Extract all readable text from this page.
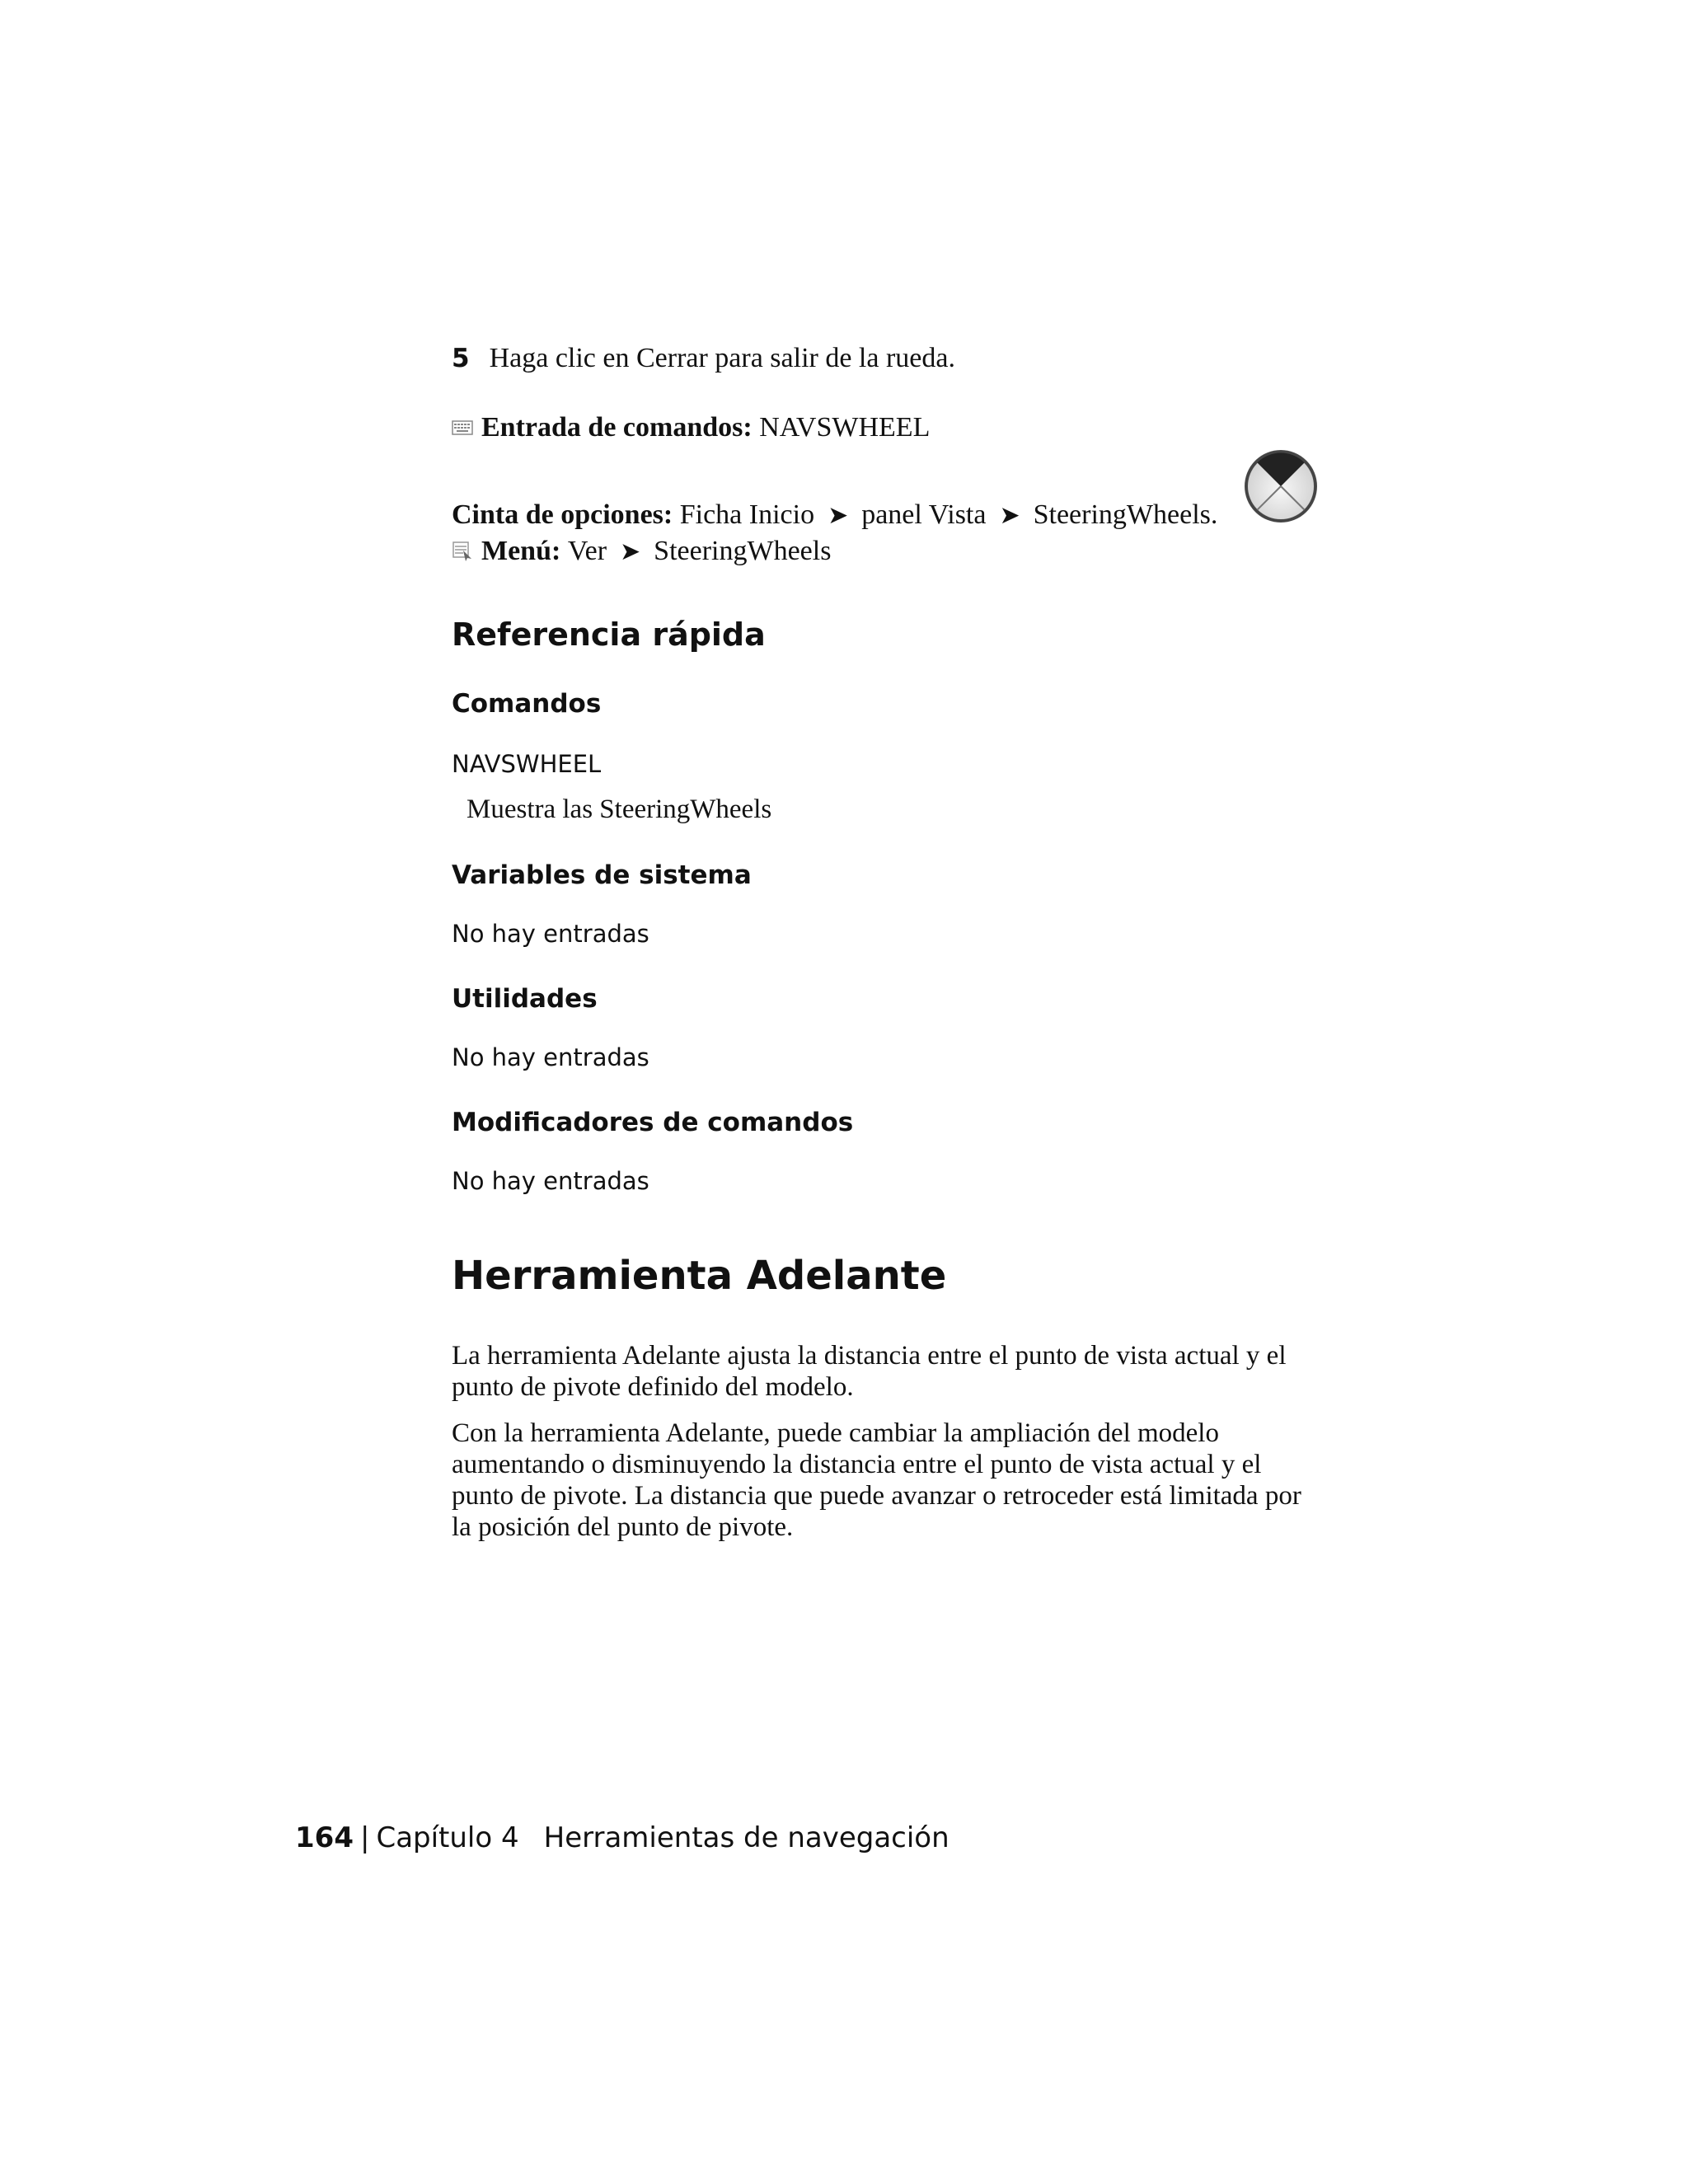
5 Haga clic en Cerrar para salir de la rueda.
Entrada de comandos:
NAVSWHEEL
Cinta de opciones: Ficha Inicio ➤ panel Vista ➤ SteeringWheels.
Menú:
Ver ➤ SteeringWheels
Referencia rápida
Comandos
NAVSWHEEL
Muestra las SteeringWheels
Variables de sistema
No hay entradas
Utilidades
No hay entradas
Modificadores de comandos
No hay entradas
Herramienta Adelante
La herramienta Adelante ajusta la distancia entre el punto de vista actual y el punto de pivote definido del modelo.
Con la herramienta Adelante, puede cambiar la ampliación del modelo aumentando o disminuyendo la distancia entre el punto de vista actual y el punto de pivote. La distancia que puede avanzar o retroceder está limitada por la posición del punto de pivote.
164 | Capítulo 4 Herramientas de navegación
